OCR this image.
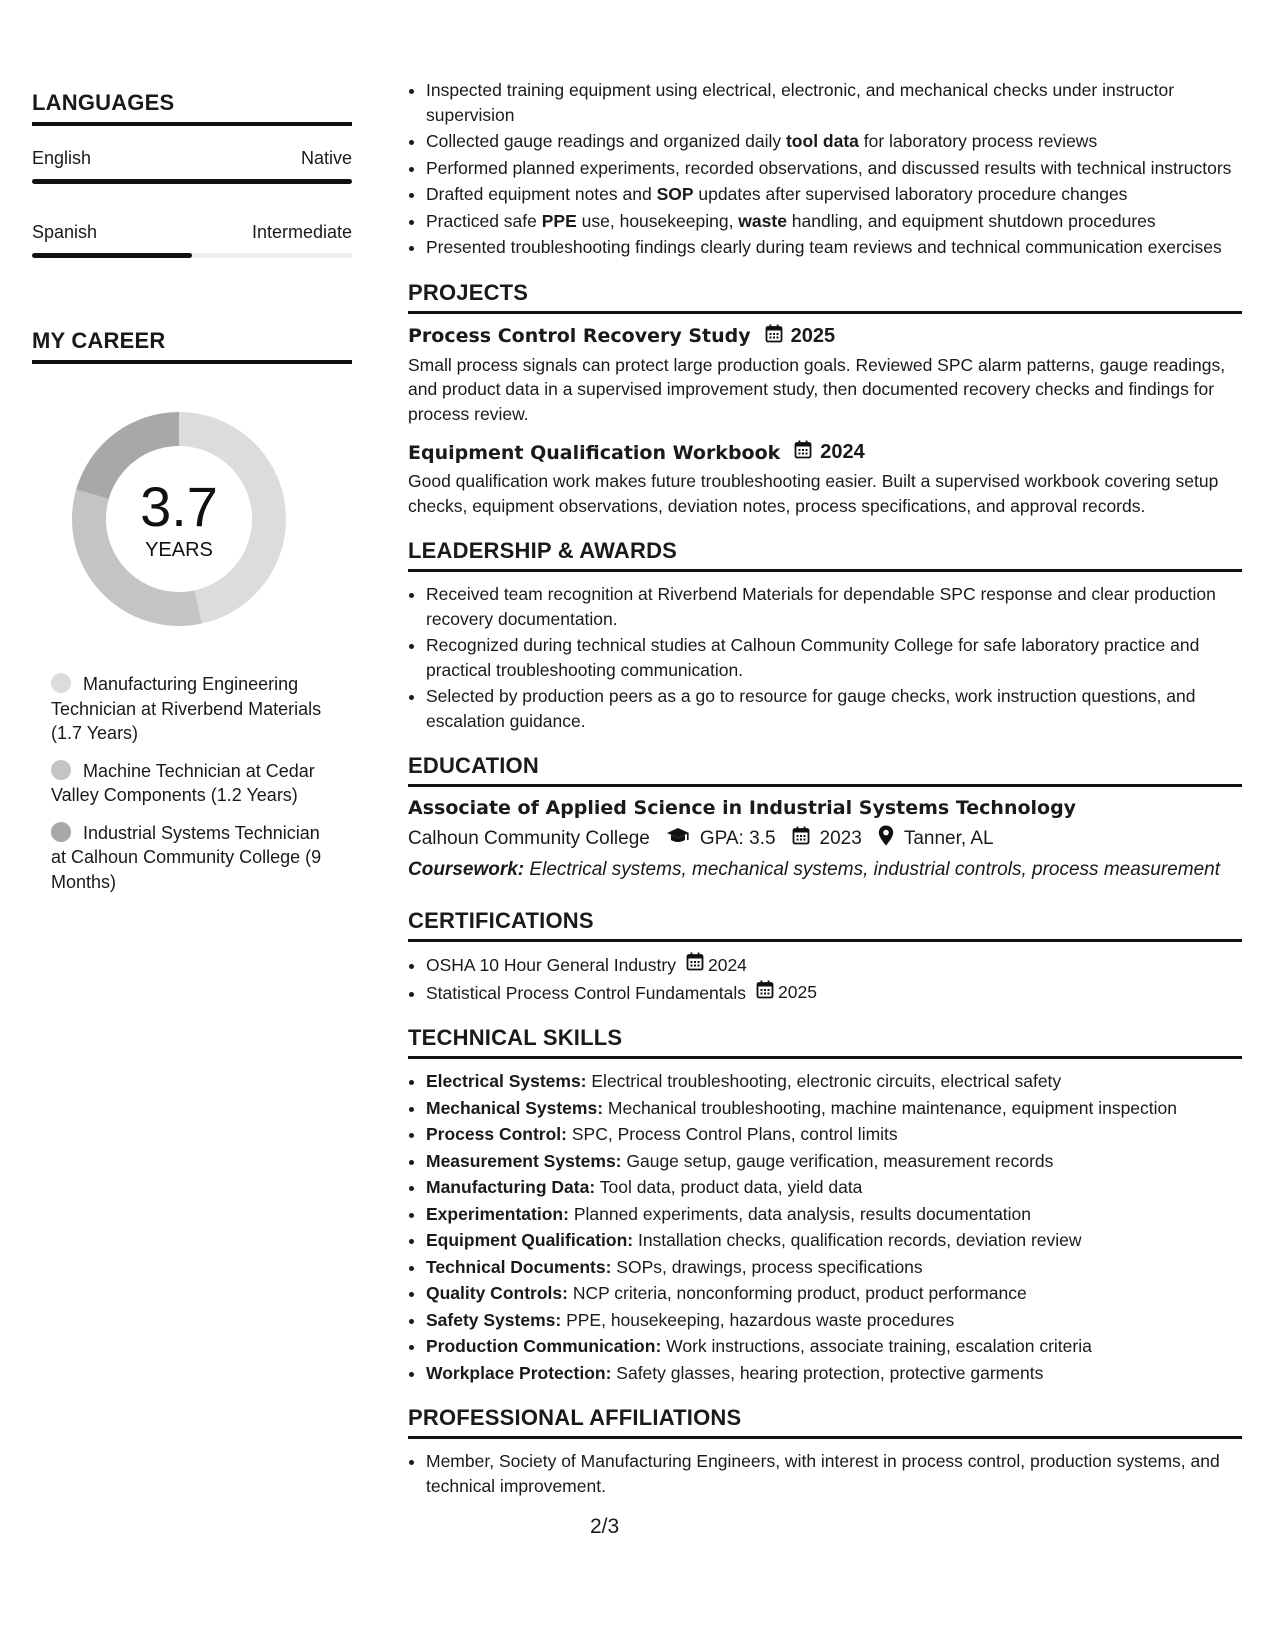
LANGUAGES
English	Native
Spanish	Intermediate
MY CAREER
3.7
YEARS
Manufacturing Engineering Technician at Riverbend Materials (1.7 Years)
Machine Technician at Cedar Valley Components (1.2 Years)
Industrial Systems Technician at Calhoun Community College (9 Months)
• Inspected training equipment using electrical, electronic, and mechanical checks under instructor supervision
• Collected gauge readings and organized daily tool data for laboratory process reviews
• Performed planned experiments, recorded observations, and discussed results with technical instructors
• Drafted equipment notes and SOP updates after supervised laboratory procedure changes
• Practiced safe PPE use, housekeeping, waste handling, and equipment shutdown procedures
• Presented troubleshooting findings clearly during team reviews and technical communication exercises
PROJECTS
Process Control Recovery Study 2025
Small process signals can protect large production goals. Reviewed SPC alarm patterns, gauge readings, and product data in a supervised improvement study, then documented recovery checks and findings for process review.
Equipment Qualification Workbook 2024
Good qualification work makes future troubleshooting easier. Built a supervised workbook covering setup checks, equipment observations, deviation notes, process specifications, and approval records.
LEADERSHIP & AWARDS
• Received team recognition at Riverbend Materials for dependable SPC response and clear production recovery documentation.
• Recognized during technical studies at Calhoun Community College for safe laboratory practice and practical troubleshooting communication.
• Selected by production peers as a go to resource for gauge checks, work instruction questions, and escalation guidance.
EDUCATION
Associate of Applied Science in Industrial Systems Technology
Calhoun Community College	GPA: 3.5 2023 Tanner, AL
Coursework: Electrical systems, mechanical systems, industrial controls, process measurement
CERTIFICATIONS
• OSHA 10 Hour General Industry 2024
• Statistical Process Control Fundamentals 2025
TECHNICAL SKILLS
• Electrical Systems: Electrical troubleshooting, electronic circuits, electrical safety
• Mechanical Systems: Mechanical troubleshooting, machine maintenance, equipment inspection
• Process Control: SPC, Process Control Plans, control limits
• Measurement Systems: Gauge setup, gauge verification, measurement records
• Manufacturing Data: Tool data, product data, yield data
• Experimentation: Planned experiments, data analysis, results documentation
• Equipment Qualification: Installation checks, qualification records, deviation review
• Technical Documents: SOPs, drawings, process specifications
• Quality Controls: NCP criteria, nonconforming product, product performance
• Safety Systems: PPE, housekeeping, hazardous waste procedures
• Production Communication: Work instructions, associate training, escalation criteria
• Workplace Protection: Safety glasses, hearing protection, protective garments
PROFESSIONAL AFFILIATIONS
• Member, Society of Manufacturing Engineers, with interest in process control, production systems, and technical improvement.
2/3
